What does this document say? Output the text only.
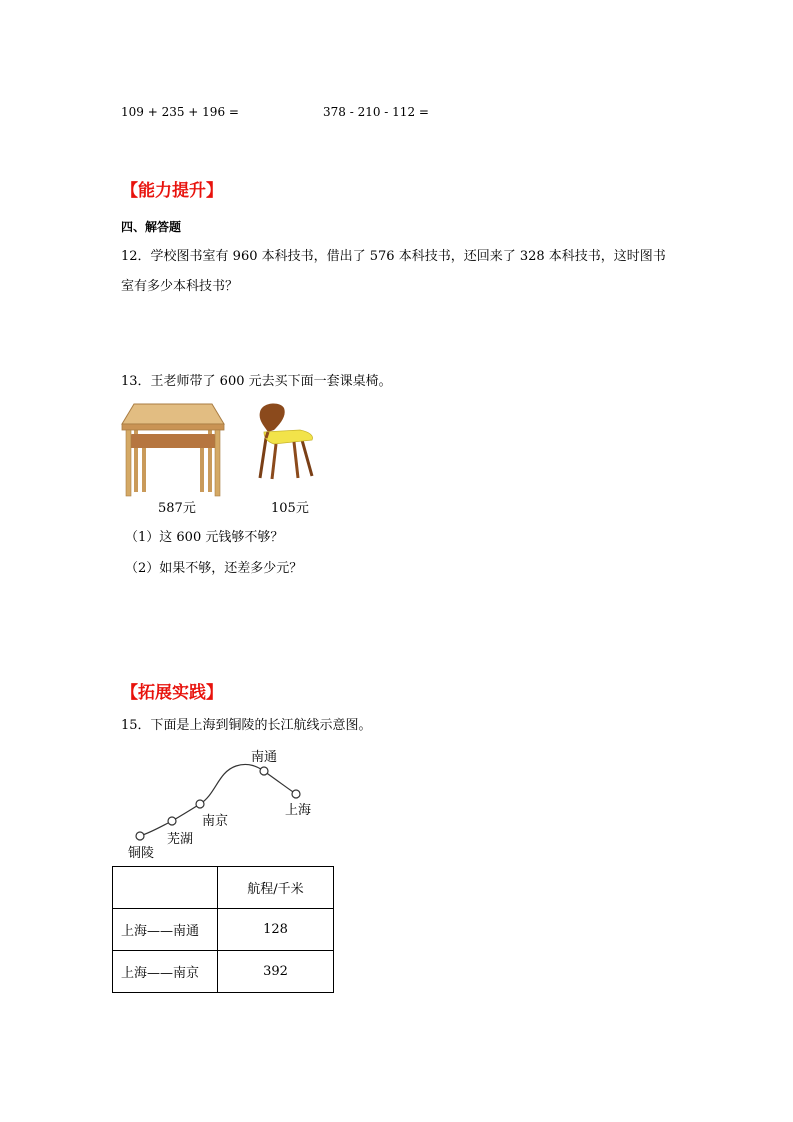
109 + 235 + 196 =	378 - 210 - 112 =
【能力提升】
四、解答题
12．学校图书室有 960 本科技书，借出了 576 本科技书，还回来了 328 本科技书，这时图书
室有多少本科技书？
13．王老师带了 600 元去买下面一套课桌椅。
587元	105元
（1）这 600 元钱够不够？
（2）如果不够，还差多少元？
【拓展实践】
15．下面是上海到铜陵的长江航线示意图。
南通
上海
南京
芜湖
铜陵
	航程/千米
上海——南通	128
上海——南京	392
